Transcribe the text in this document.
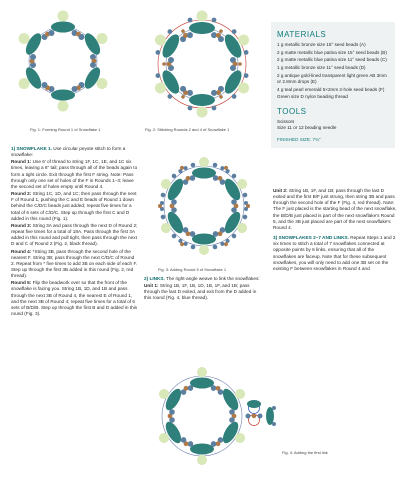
Fig. 1: Forming Round 1 of Snowflake 1	Fig. 2: Stitching Rounds 2 and 4 of Snowflake 1
MATERIALS
1 g metallic bronze size 15° seed beads (A)
2 g matte metallic blue patina size 15° seed beads (B)
2 g matte metallic blue patina size 11° seed beads (C)
1 g metallic bronze size 11° seed beads (D)
2 g antique gold-lined transparent light green AB 3mm or 2.8mm drops (E)
4 g teal pearl emerald 5×2mm 2-hole seed beads (F)
Green size D nylon beading thread
TOOLS
Scissors
Size 11 or 12 beading needle
FINISHED SIZE: 7¾"

1) SNOWFLAKE 1. Use circular peyote stitch to form a snowflake:

Round 1: Use 6' of thread to string 1F, 1C, 1E, and 1C six times, leaving a 6" tail; pass through all of the beads again to form a tight circle. Exit through the first F string. Note: Pass through only one set of holes of the F in Rounds 1–3; leave the second set of holes empty until Round 4.

Round 2: String 1C, 1D, and 1C; then pass through the next F of Round 1, pushing the C and E beads of Round 1 down behind the C/D/C beads just added; repeat five times for a total of 6 sets of C/D/C. Step up through the first C and D added in this round (Fig. 1).

Round 3: String 3A and pass through the next D of Round 2; repeat five times for a total of 18A. Pass through the first 3A added in this round and pull tight, then pass through the next D and C of Round 2 (Fig. 2, black thread).

Round 4: *String 3B, pass through the second hole of the nearest F. String 3B; pass through the next C/D/C of Round 2. Repeat from * five times to add 3B on each side of each F. Step up through the first 3B added in this round (Fig. 2, red thread).

Round 5: Flip the beadwork over so that the front of the snowflake is facing you. String 1B, 1D, and 1B and pass through the next 3B of Round 4, the nearest E of Round 1, and the next 3B of Round 4; repeat five times for a total of 6 sets of B/D/B. Step up through the first B and D added in this round (Fig. 3).

Fig. 3: Adding Round 5 of Snowflake 1

2) LINKS. The right-angle weave to link the snowflakes:

Unit 1: String 1B, 1F, 1B, 1D, 1B, 1F, and 1B; pass through the last D exited, and exit from the D added in this round (Fig. 4, blue thread).

Unit 2: String 1B, 1F, and 1B; pass through the last D exited and the first B/F just strung, then string 3B and pass through the second hole of the F (Fig. 4, red thread). Note: The F just placed is the starting bead of the next snowflake, the B/D/B just placed is part of the next snowflake's Round 5, and the 3B just placed are part of the next snowflake's Round 4.

3) SNOWFLAKES 2–7 AND LINKS. Repeat Steps 1 and 2 six times to stitch a total of 7 snowflakes connected at opposite points by 6 links, ensuring that all of the snowflakes are faceup. Note that for these subsequent snowflakes, you will only need to add one 3B set on the existing F between snowflakes in Round 4 and

Fig. 4: Adding the first link
